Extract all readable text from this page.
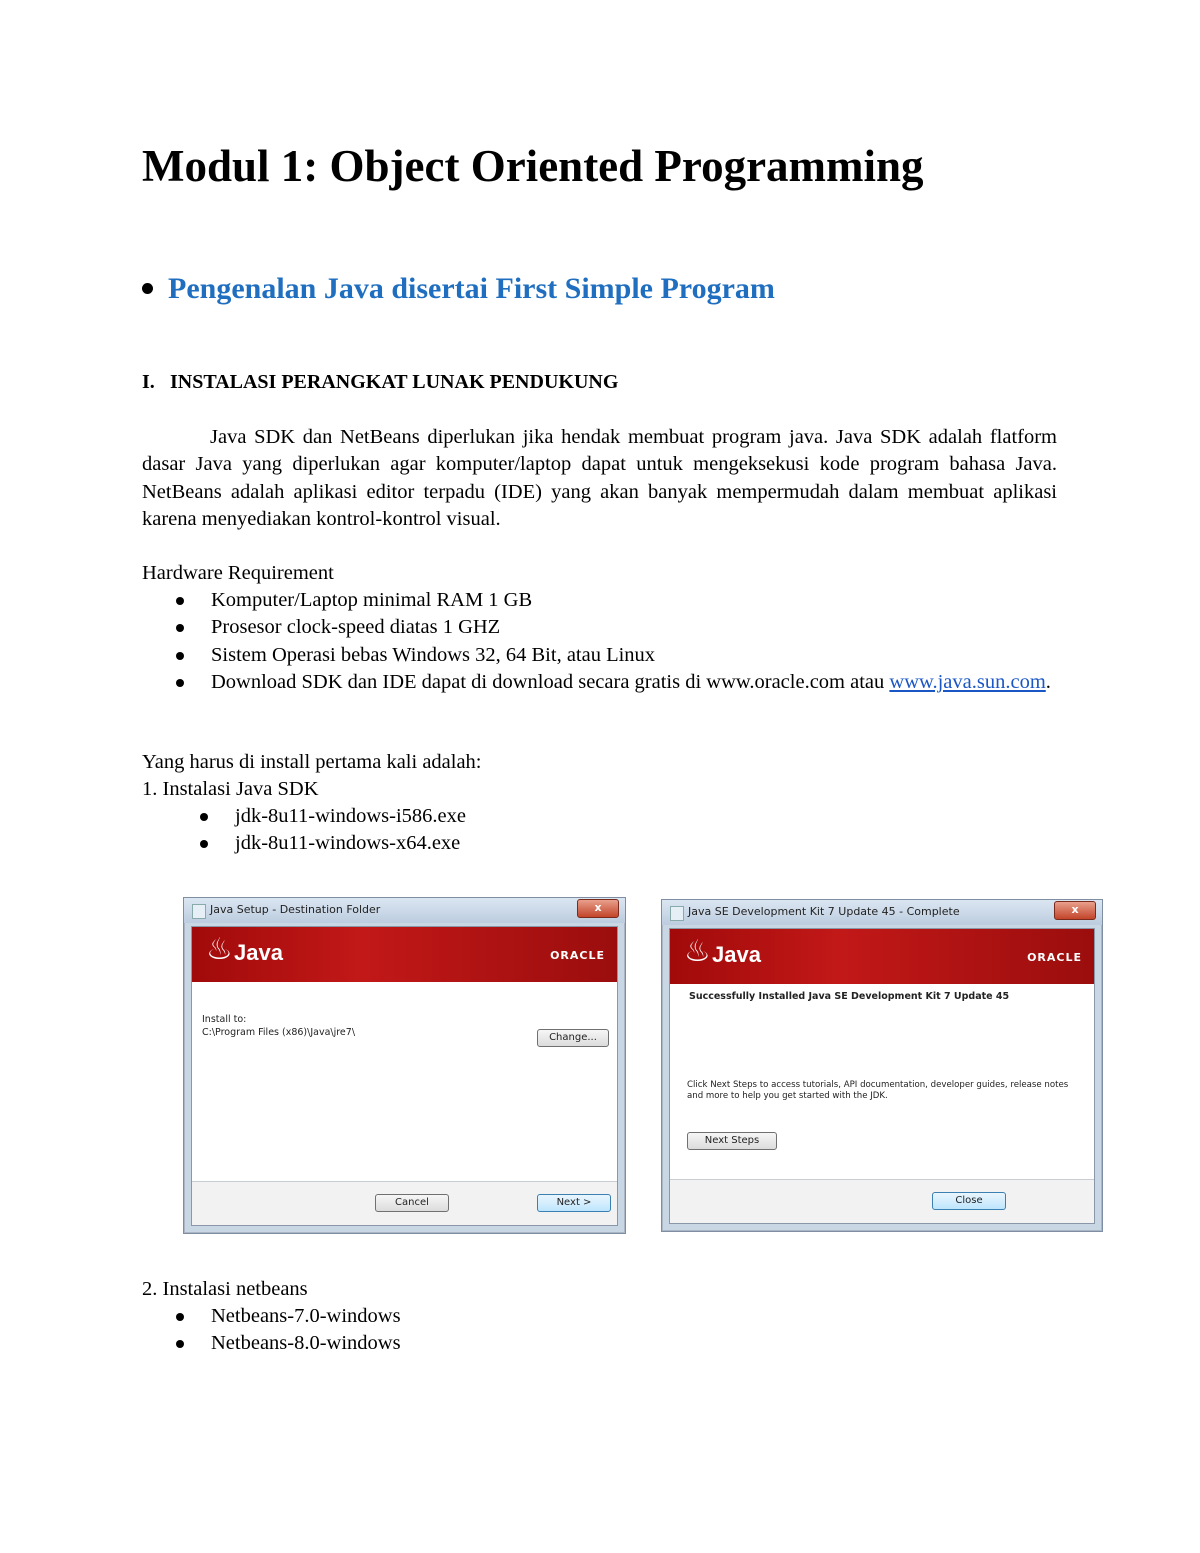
Modul 1: Object Oriented Programming
Pengenalan Java disertai First Simple Program
I. INSTALASI PERANGKAT LUNAK PENDUKUNG
Java SDK dan NetBeans diperlukan jika hendak membuat program java. Java SDK adalah flatform dasar Java yang diperlukan agar komputer/laptop dapat untuk mengeksekusi kode program bahasa Java. NetBeans adalah aplikasi editor terpadu (IDE) yang akan banyak mempermudah dalam membuat aplikasi karena menyediakan kontrol-kontrol visual.
Hardware Requirement
Komputer/Laptop minimal RAM 1 GB
Prosesor clock-speed diatas 1 GHZ
Sistem Operasi bebas Windows 32, 64 Bit, atau Linux
Download SDK dan IDE dapat di download secara gratis di www.oracle.com atau www.java.sun.com.
Yang harus di install pertama kali adalah:
1. Instalasi Java SDK
jdk-8u11-windows-i586.exe
jdk-8u11-windows-x64.exe
Java Setup - Destination Folder	x
♨ Java	ORACLE
Install to:
C:\Program Files (x86)\Java\jre7\	Change...
Cancel	Next >
Java SE Development Kit 7 Update 45 - Complete	x
♨ Java	ORACLE
Successfully Installed Java SE Development Kit 7 Update 45
Click Next Steps to access tutorials, API documentation, developer guides, release notes
and more to help you get started with the JDK.
Next Steps
Close
2. Instalasi netbeans
Netbeans-7.0-windows
Netbeans-8.0-windows
